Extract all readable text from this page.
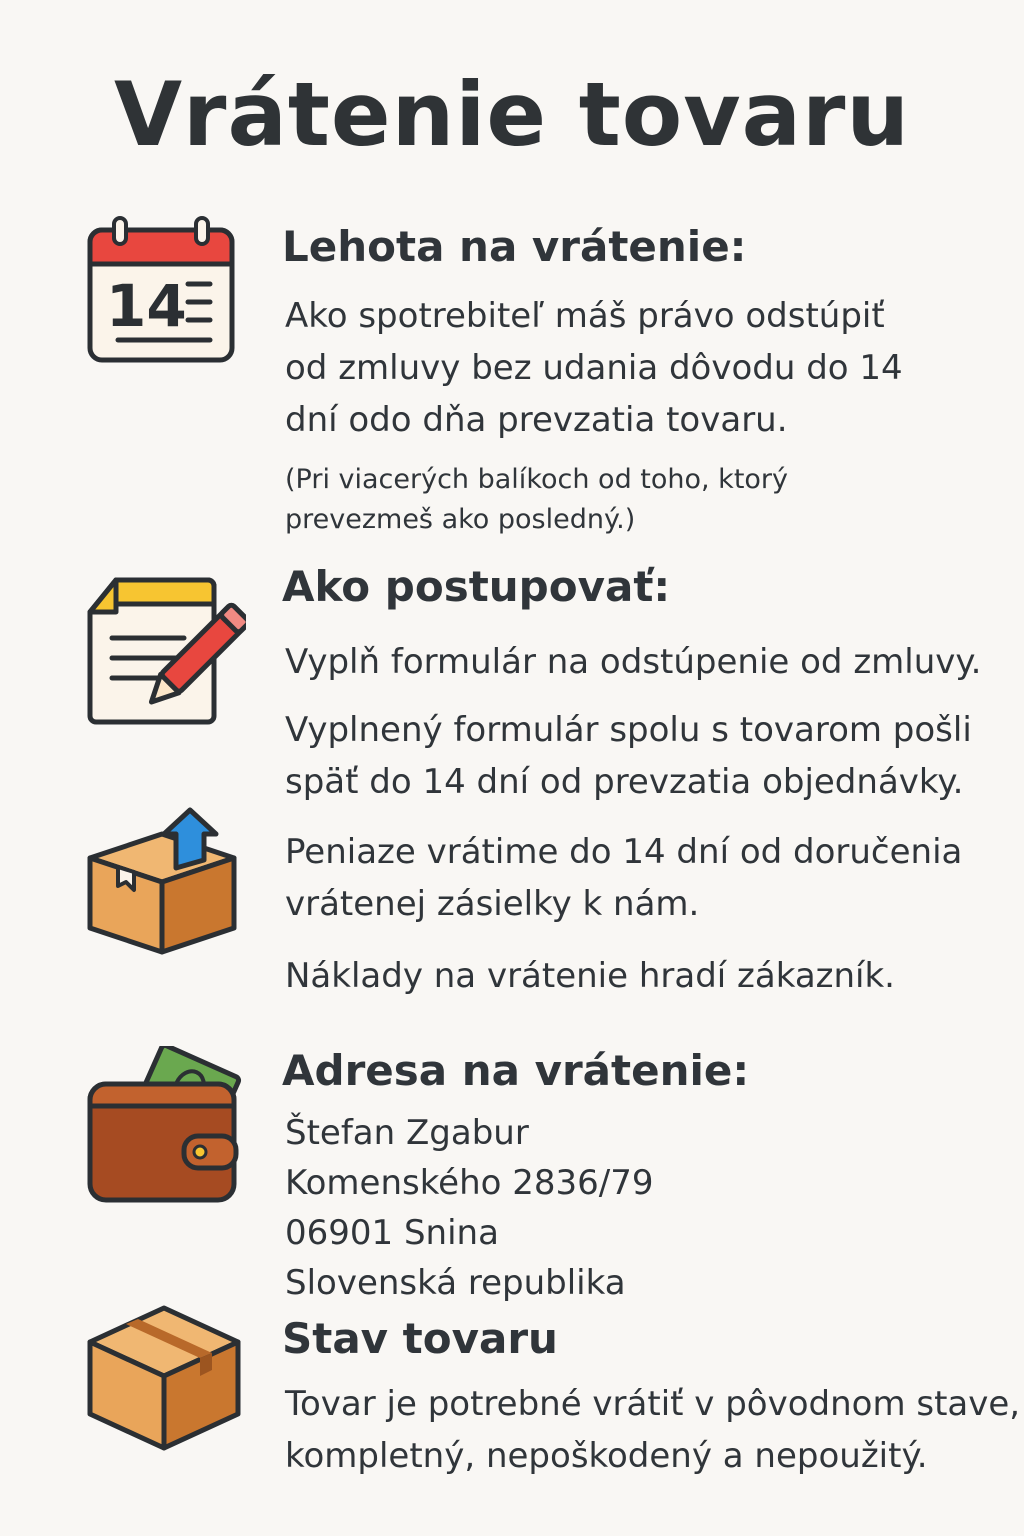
Vrátenie tovaru
14
Lehota na vrátenie:
Ako spotrebiteľ máš právo odstúpiť
od zmluvy bez udania dôvodu do 14
dní odo dňa prevzatia tovaru.
(Pri viacerých balíkoch od toho, ktorý
prevezmeš ako posledný.)
Ako postupovať:
Vyplň formulár na odstúpenie od zmluvy.
Vyplnený formulár spolu s tovarom pošli
späť do 14 dní od prevzatia objednávky.
Peniaze vrátime do 14 dní od doručenia
vrátenej zásielky k nám.
Náklady na vrátenie hradí zákazník.
Adresa na vrátenie:
Štefan Zgabur
Komenského 2836/79
06901 Snina
Slovenská republika
Stav tovaru
Tovar je potrebné vrátiť v pôvodnom stave,
kompletný, nepoškodený a nepoužitý.
